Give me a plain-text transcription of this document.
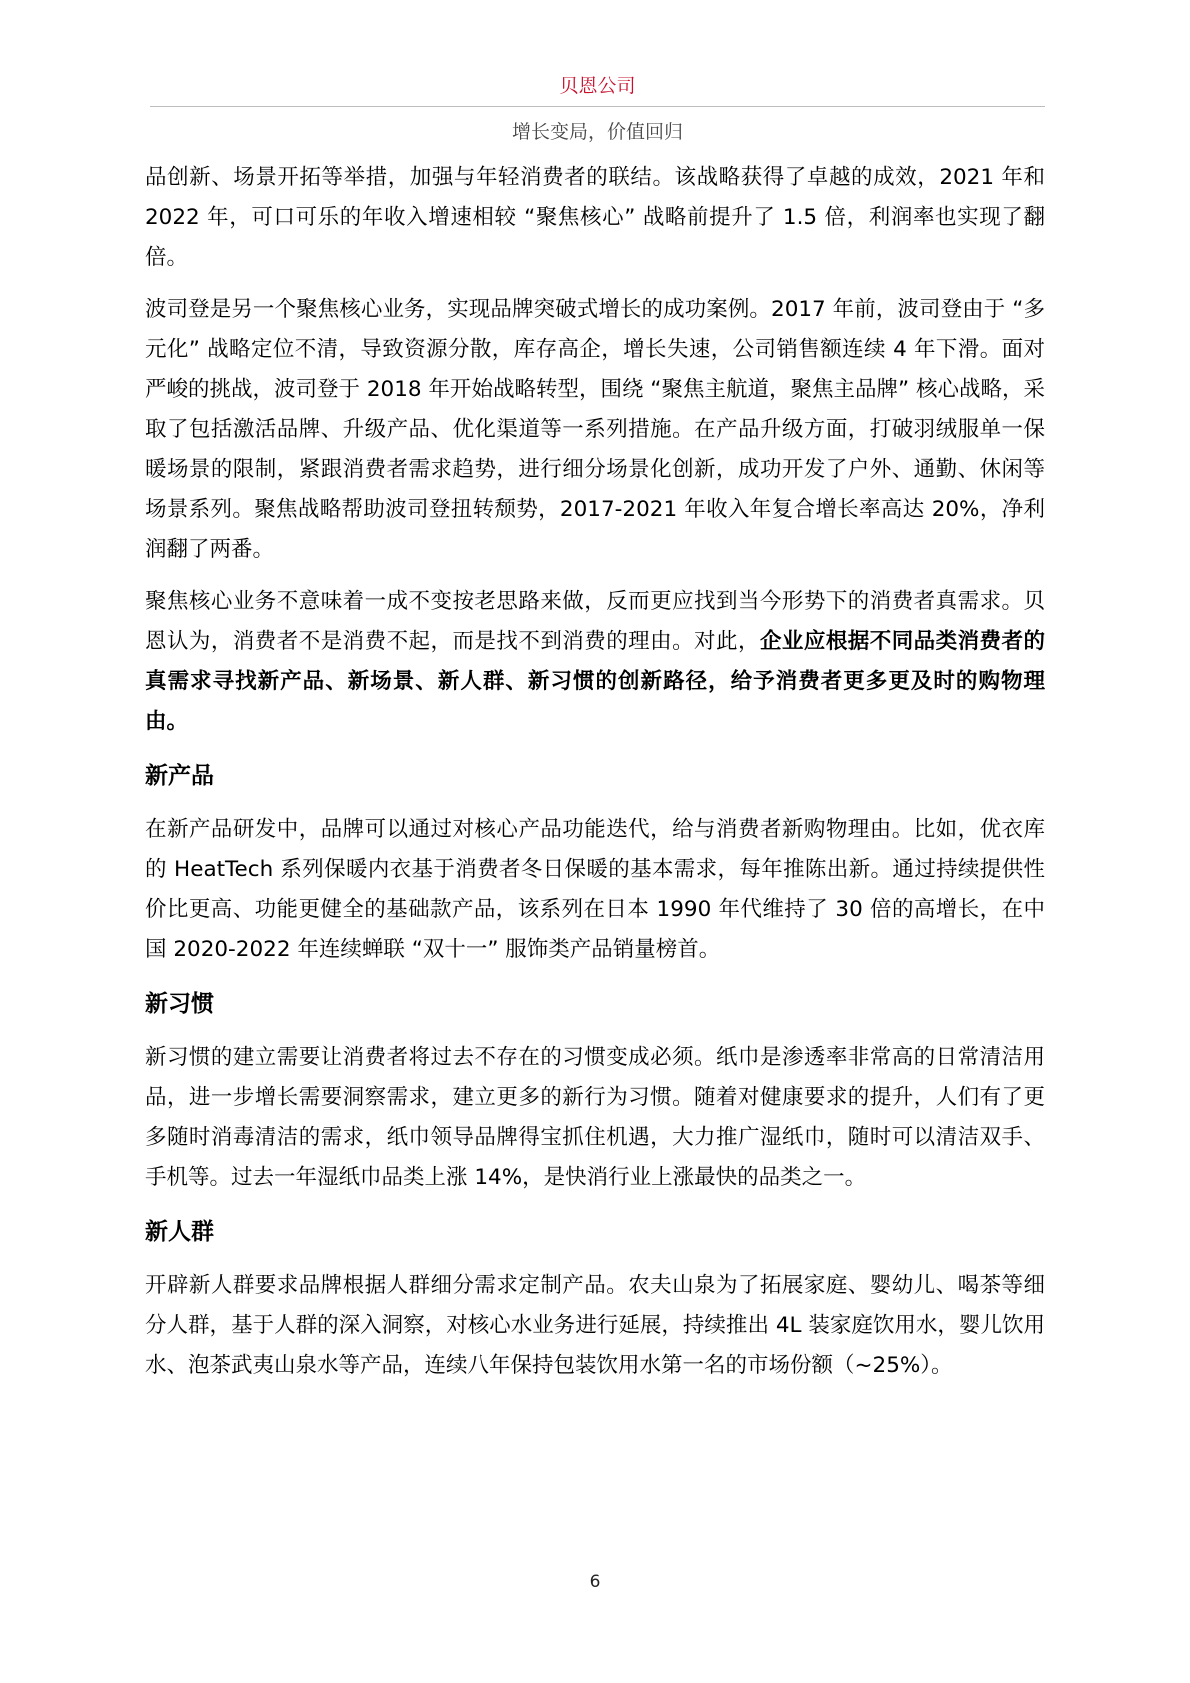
贝恩公司
增长变局，价值回归

品创新、场景开拓等举措，加强与年轻消费者的联结。该战略获得了卓越的成效，2021 年和 2022 年，可口可乐的年收入增速相较 “聚焦核心” 战略前提升了 1.5 倍，利润率也实现了翻倍。

波司登是另一个聚焦核心业务，实现品牌突破式增长的成功案例。2017 年前，波司登由于 “多元化” 战略定位不清，导致资源分散，库存高企，增长失速，公司销售额连续 4 年下滑。面对严峻的挑战，波司登于 2018 年开始战略转型，围绕 “聚焦主航道，聚焦主品牌” 核心战略，采取了包括激活品牌、升级产品、优化渠道等一系列措施。在产品升级方面，打破羽绒服单一保暖场景的限制，紧跟消费者需求趋势，进行细分场景化创新，成功开发了户外、通勤、休闲等场景系列。聚焦战略帮助波司登扭转颓势，2017-2021 年收入年复合增长率高达 20%，净利润翻了两番。

聚焦核心业务不意味着一成不变按老思路来做，反而更应找到当今形势下的消费者真需求。贝恩认为，消费者不是消费不起，而是找不到消费的理由。对此，企业应根据不同品类消费者的真需求寻找新产品、新场景、新人群、新习惯的创新路径，给予消费者更多更及时的购物理由。

新产品

在新产品研发中，品牌可以通过对核心产品功能迭代，给与消费者新购物理由。比如，优衣库的 HeatTech 系列保暖内衣基于消费者冬日保暖的基本需求，每年推陈出新。通过持续提供性价比更高、功能更健全的基础款产品，该系列在日本 1990 年代维持了 30 倍的高增长，在中国 2020-2022 年连续蝉联 “双十一” 服饰类产品销量榜首。

新习惯

新习惯的建立需要让消费者将过去不存在的习惯变成必须。纸巾是渗透率非常高的日常清洁用品，进一步增长需要洞察需求，建立更多的新行为习惯。随着对健康要求的提升，人们有了更多随时消毒清洁的需求，纸巾领导品牌得宝抓住机遇，大力推广湿纸巾，随时可以清洁双手、手机等。过去一年湿纸巾品类上涨 14%，是快消行业上涨最快的品类之一。

新人群

开辟新人群要求品牌根据人群细分需求定制产品。农夫山泉为了拓展家庭、婴幼儿、喝茶等细分人群，基于人群的深入洞察，对核心水业务进行延展，持续推出 4L 装家庭饮用水，婴儿饮用水、泡茶武夷山泉水等产品，连续八年保持包装饮用水第一名的市场份额（~25%）。

6
